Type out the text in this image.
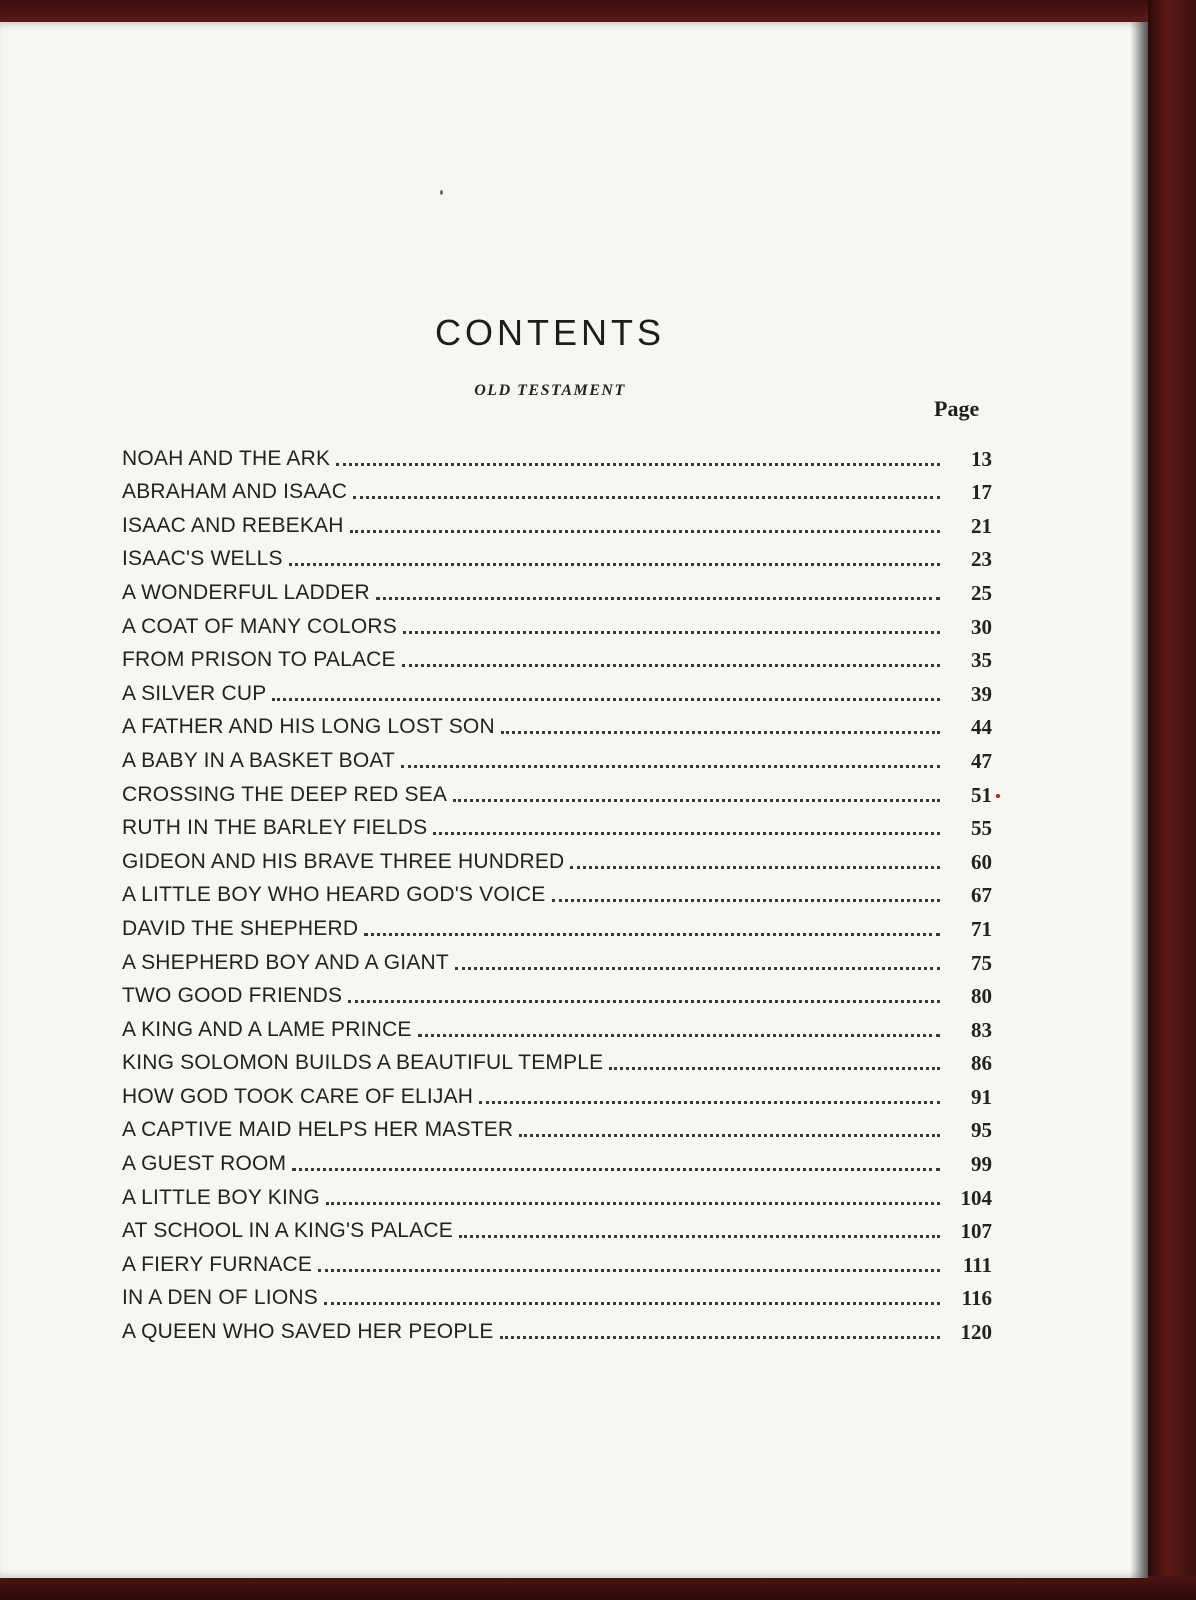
CONTENTS
OLD TESTAMENT
Page
NOAH AND THE ARK	13
ABRAHAM AND ISAAC	17
ISAAC AND REBEKAH	21
ISAAC'S WELLS	23
A WONDERFUL LADDER	25
A COAT OF MANY COLORS	30
FROM PRISON TO PALACE	35
A SILVER CUP	39
A FATHER AND HIS LONG LOST SON	44
A BABY IN A BASKET BOAT	47
CROSSING THE DEEP RED SEA	51
RUTH IN THE BARLEY FIELDS	55
GIDEON AND HIS BRAVE THREE HUNDRED	60
A LITTLE BOY WHO HEARD GOD'S VOICE	67
DAVID THE SHEPHERD	71
A SHEPHERD BOY AND A GIANT	75
TWO GOOD FRIENDS	80
A KING AND A LAME PRINCE	83
KING SOLOMON BUILDS A BEAUTIFUL TEMPLE	86
HOW GOD TOOK CARE OF ELIJAH	91
A CAPTIVE MAID HELPS HER MASTER	95
A GUEST ROOM	99
A LITTLE BOY KING	104
AT SCHOOL IN A KING'S PALACE	107
A FIERY FURNACE	111
IN A DEN OF LIONS	116
A QUEEN WHO SAVED HER PEOPLE	120
